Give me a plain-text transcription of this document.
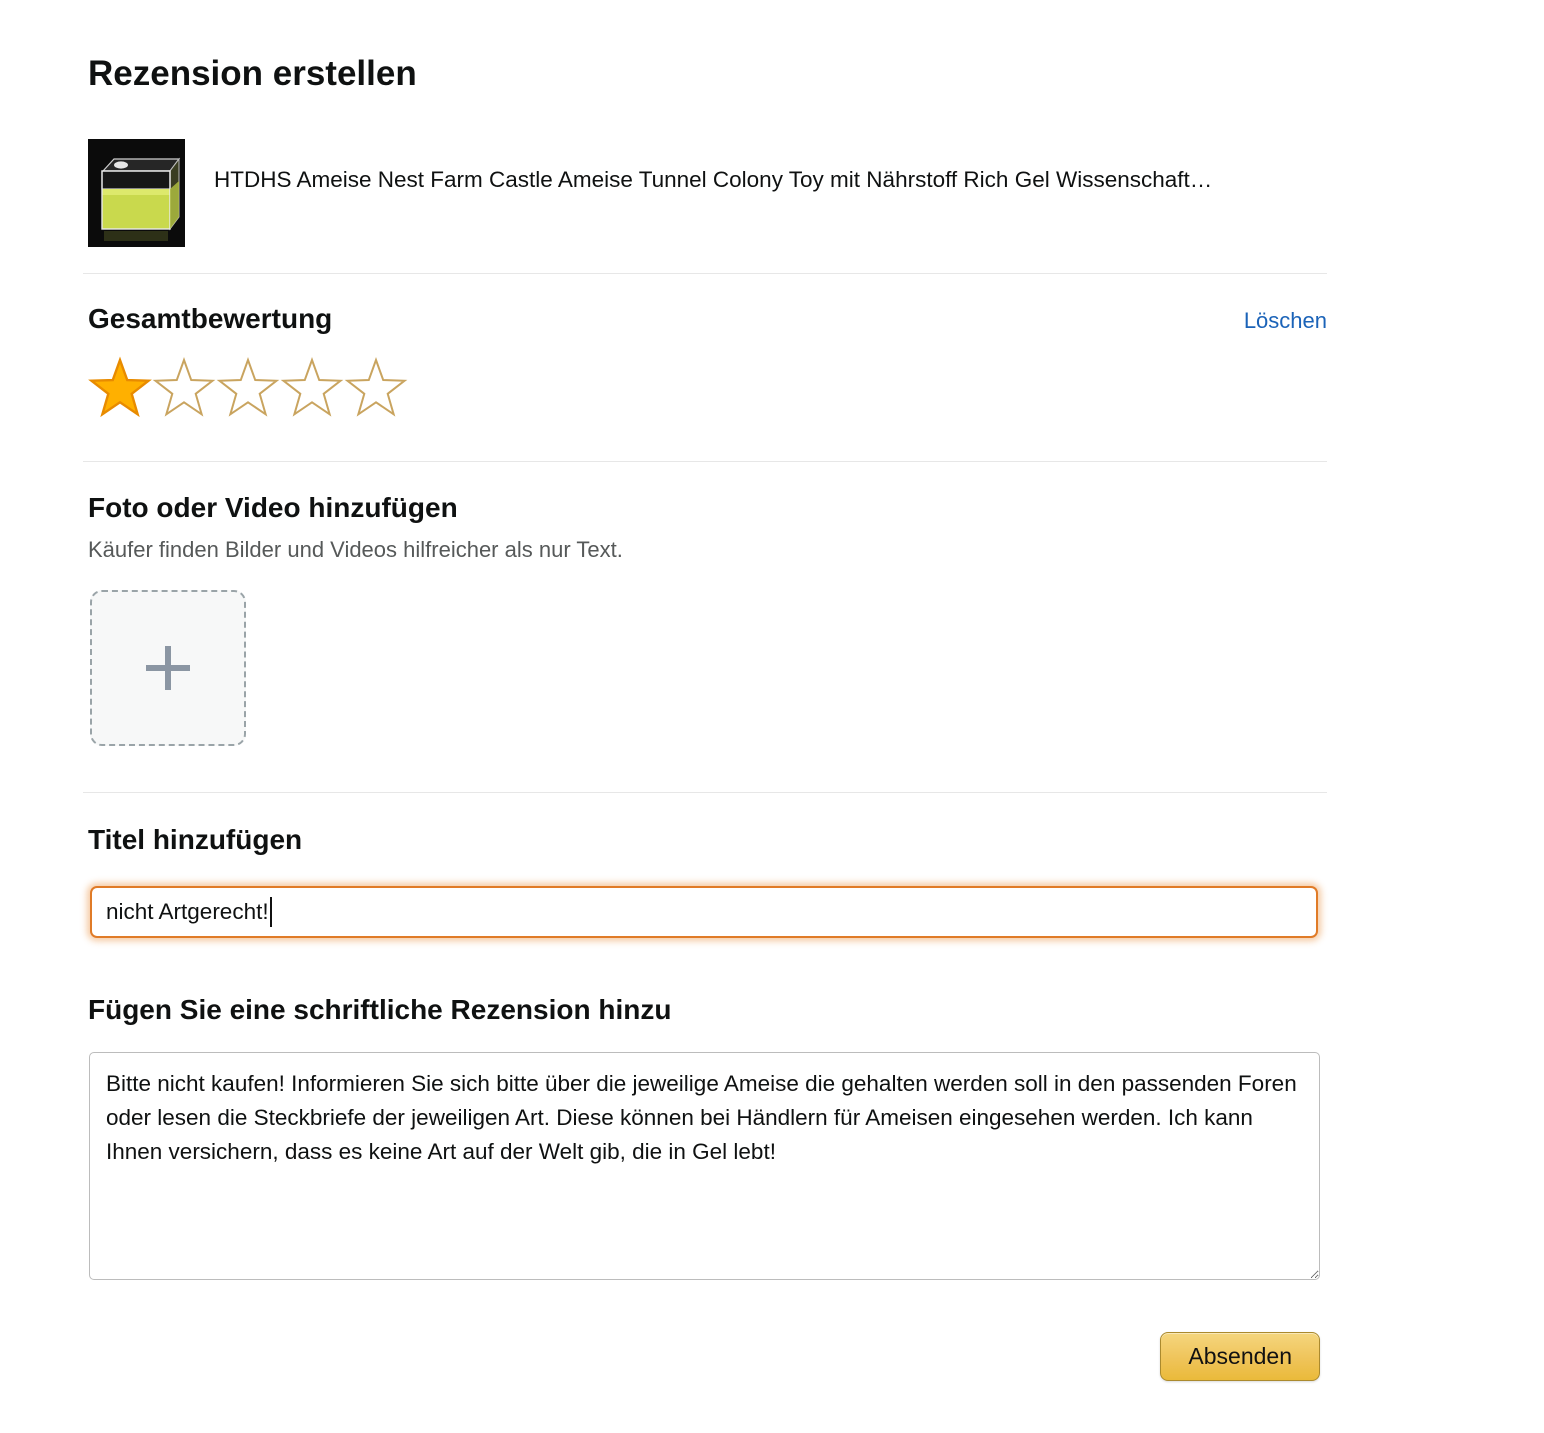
Rezension erstellen
HTDHS Ameise Nest Farm Castle Ameise Tunnel Colony Toy mit Nährstoff Rich Gel Wissenschaft…
Gesamtbewertung	Löschen
Foto oder Video hinzufügen
Käufer finden Bilder und Videos hilfreicher als nur Text.
Titel hinzufügen
nicht Artgerecht!
Fügen Sie eine schriftliche Rezension hinzu
Bitte nicht kaufen! Informieren Sie sich bitte über die jeweilige Ameise die gehalten werden soll in den passenden Foren oder lesen die Steckbriefe der jeweiligen Art. Diese können bei Händlern für Ameisen eingesehen werden. Ich kann Ihnen versichern, dass es keine Art auf der Welt gib, die in Gel lebt!
Absenden
